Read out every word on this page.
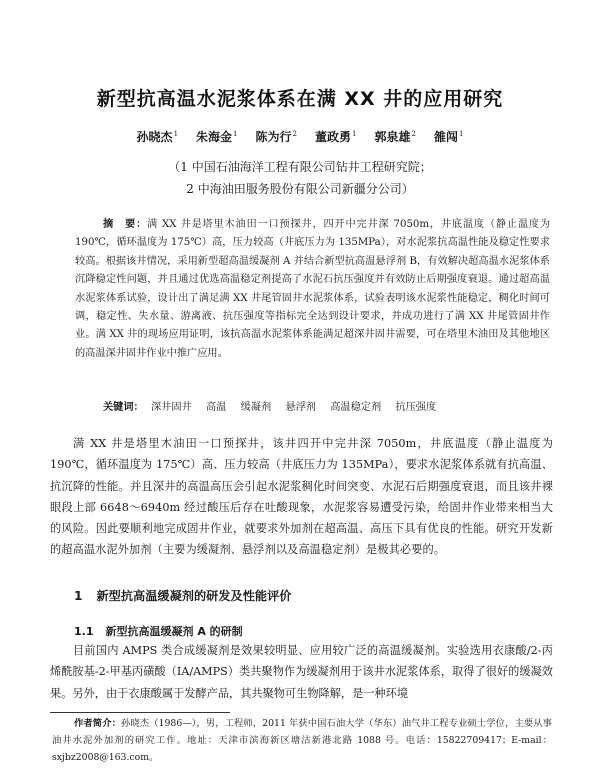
新型抗高温水泥浆体系在满 XX 井的应用研究
孙晓杰$^1$ 朱海金$^1$ 陈为行$^2$ 董政勇$^1$ 郭泉雄$^2$ 雒闯$^1$
（1 中国石油海洋工程有限公司钻井工程研究院；
2 中海油田服务股份有限公司新疆分公司）

摘　要：满 XX 井是塔里木油田一口预探井，四开中完井深 7050m，井底温度（静止温度为 190℃，循环温度为 175℃）高，压力较高（井底压力为 135MPa），对水泥浆抗高温性能及稳定性要求较高。根据该井情况，采用新型超高温缓凝剂 A 并结合新型抗高温悬浮剂 B，有效解决超高温水泥浆体系沉降稳定性问题，并且通过优选高温稳定剂提高了水泥石抗压强度并有效防止后期强度衰退。通过超高温水泥浆体系试验，设计出了满足满 XX 井尾管固井水泥浆体系，试验表明该水泥浆性能稳定，稠化时间可调，稳定性、失水量、游离液、抗压强度等指标完全达到设计要求，并成功进行了满 XX 井尾管固井作业。满 XX 井的现场应用证明，该抗高温水泥浆体系能满足超深井固井需要，可在塔里木油田及其他地区的高温深井固井作业中推广应用。

关键词： 深井固井 高温 缓凝剂 悬浮剂 高温稳定剂 抗压强度

满 XX 井是塔里木油田一口预探井，该井四开中完井深 7050m，井底温度（静止温度为 190℃，循环温度为 175℃）高、压力较高（井底压力为 135MPa），要求水泥浆体系就有抗高温、抗沉降的性能。并且深井的高温高压会引起水泥浆稠化时间突变、水泥石后期强度衰退，而且该井裸眼段上部 6648～6940m 经过酸压后存在吐酸现象，水泥浆容易遭受污染，给固井作业带来相当大的风险。因此要顺利地完成固井作业，就要求外加剂在超高温、高压下具有优良的性能。研究开发新的超高温水泥外加剂（主要为缓凝剂、悬浮剂以及高温稳定剂）是极其必要的。

1 新型抗高温缓凝剂的研发及性能评价
1.1 新型抗高温缓凝剂 A 的研制

目前国内 AMPS 类合成缓凝剂是效果较明显、应用较广泛的高温缓凝剂。实验选用衣康酸/2-丙烯酰胺基-2-甲基丙磺酸（IA/AMPS）类共聚物作为缓凝剂用于该井水泥浆体系，取得了很好的缓凝效果。另外，由于衣康酸属于发酵产品，其共聚物可生物降解，是一种环境

作者简介：孙晓杰（1986—），男，工程师，2011 年获中国石油大学（华东）油气井工程专业硕士学位，主要从事油井水泥外加剂的研究工作。地址：天津市滨海新区塘沽新港北路 1088 号。电话：15822709417；E-mail：sxjbz2008@163.com。
